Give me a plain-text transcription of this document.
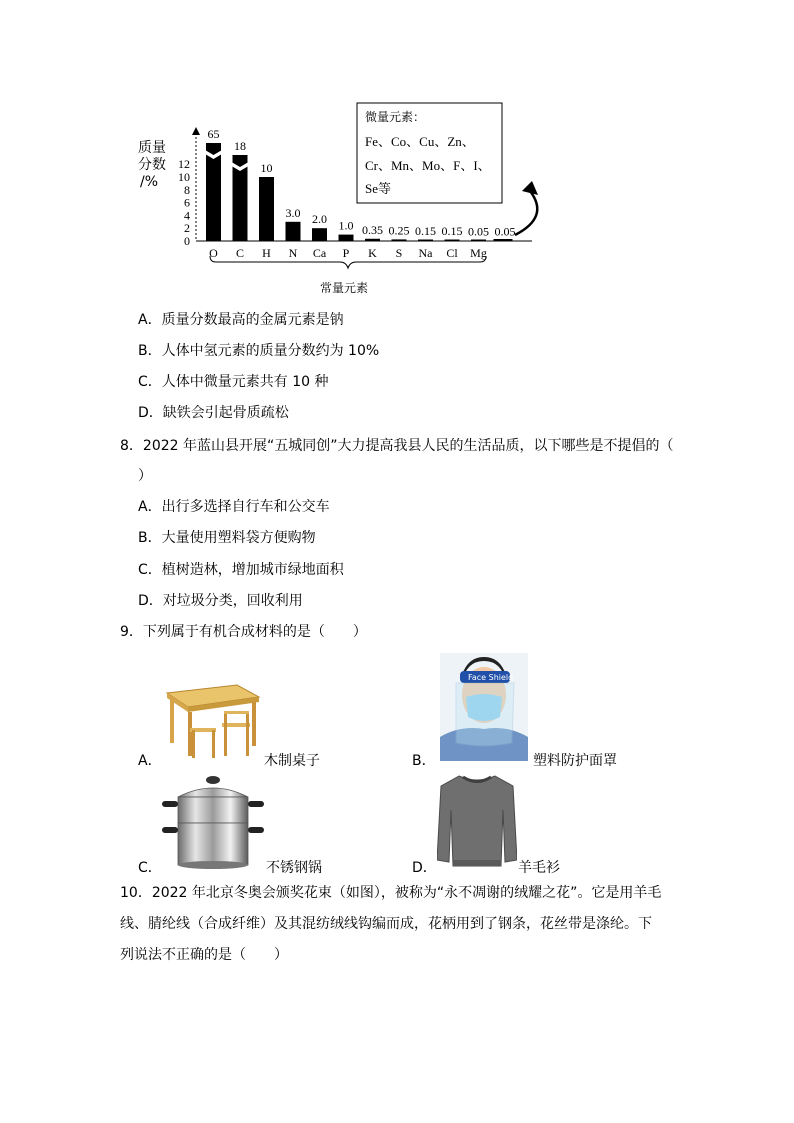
质量
分数
/%
12
10
8
6
4
2
0
65
18
10
3.0 2.0 1.0 0.35 0.25 0.15 0.15 0.05 0.05
O C H N Ca P K S Na Cl Mg
常量元素
微量元素：
Fe、Co、Cu、Zn、
Cr、Mn、Mo、F、I、
Se等
A．质量分数最高的金属元素是钠
B．人体中氢元素的质量分数约为 10%
C．人体中微量元素共有 10 种
D．缺铁会引起骨质疏松
8．2022 年蓝山县开展“五城同创”大力提高我县人民的生活品质，以下哪些是不提倡的（
）
A．出行多选择自行车和公交车
B．大量使用塑料袋方便购物
C．植树造林，增加城市绿地面积
D．对垃圾分类，回收利用
9．下列属于有机合成材料的是（　　）
A．	木制桌子
Face Shield
B．	塑料防护面罩
C．	不锈钢锅	D．	羊毛衫
10．2022 年北京冬奥会颁奖花束（如图），被称为“永不凋谢的绒耀之花”。它是用羊毛
线、腈纶线（合成纤维）及其混纺绒线钩编而成，花柄用到了钢条，花丝带是涤纶。下
列说法不正确的是（　　）
